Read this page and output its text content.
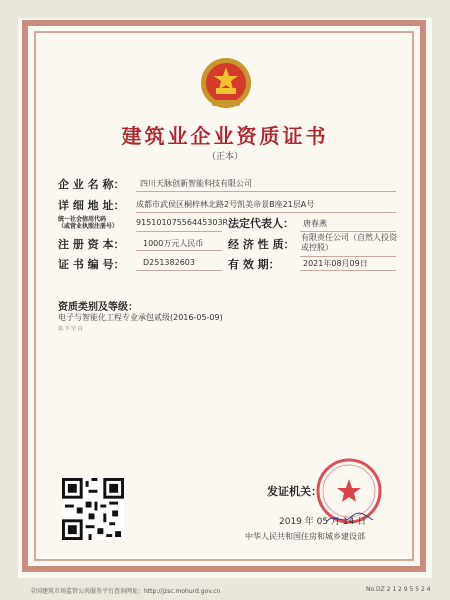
建筑业企业资质证书
（正本）
企 业 名 称： 四川天脉创新智能科技有限公司
详 细 地 址： 成都市武侯区桐梓林北路2号凯美帝景B座21层A号
统一社会信用代码
（或营业执照注册号） 91510107556445303R 法定代表人： 唐春燕
注 册 资 本： 1000万元人民币 经 济 性 质：
有限责任公司（自然人投资或控股）
证 书 编 号： D251382603	有 效 期：	2021年08月09日
资质类别及等级：
电子与智能化工程专业承包贰级(2016-05-09)
以 下 空 白
发证机关：
2019 年 05 月 14 日
中华人民共和国住房和城乡建设部
全国建筑市场监管公共服务平台查询网址：http://jzsc.mohurd.gov.cn	No.DZ 2 1 2 9 5 5 2 4
